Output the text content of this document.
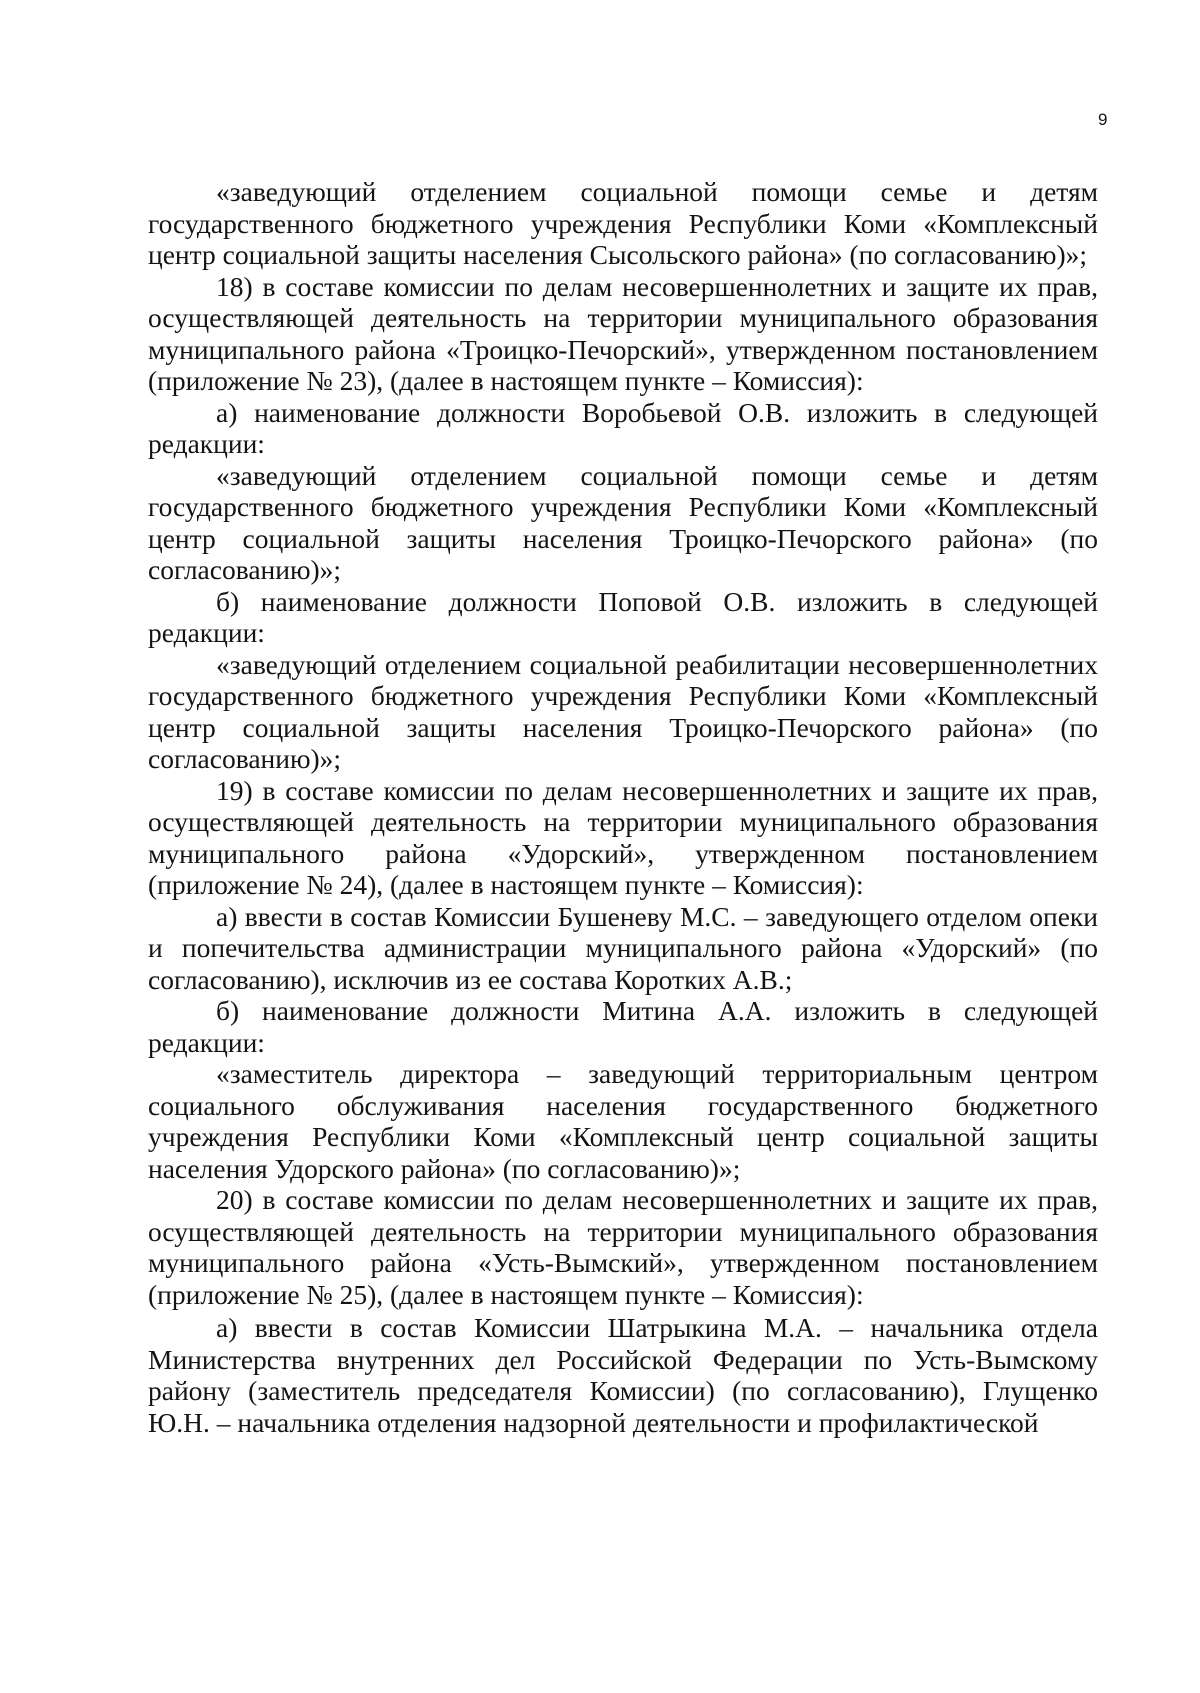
9

«заведующий отделением социальной помощи семье и детям государственного бюджетного учреждения Республики Коми «Комплексный центр социальной защиты населения Сысольского района» (по согласованию)»;

18) в составе комиссии по делам несовершеннолетних и защите их прав, осуществляющей деятельность на территории муниципального образования муниципального района «Троицко-Печорский», утвержденном постановлением (приложение № 23), (далее в настоящем пункте – Комиссия):

а) наименование должности Воробьевой О.В. изложить в следующей редакции:

«заведующий отделением социальной помощи семье и детям государственного бюджетного учреждения Республики Коми «Комплексный центр социальной защиты населения Троицко-Печорского района» (по согласованию)»;

б) наименование должности Поповой О.В. изложить в следующей редакции:

«заведующий отделением социальной реабилитации несовершеннолетних государственного бюджетного учреждения Республики Коми «Комплексный центр социальной защиты населения Троицко-Печорского района» (по согласованию)»;

19) в составе комиссии по делам несовершеннолетних и защите их прав, осуществляющей деятельность на территории муниципального образования муниципального района «Удорский», утвержденном постановлением (приложение № 24), (далее в настоящем пункте – Комиссия):

а) ввести в состав Комиссии Бушеневу М.С. – заведующего отделом опеки и попечительства администрации муниципального района «Удорский» (по согласованию), исключив из ее состава Коротких А.В.;

б) наименование должности Митина А.А. изложить в следующей редакции:

«заместитель директора – заведующий территориальным центром социального обслуживания населения государственного бюджетного учреждения Республики Коми «Комплексный центр социальной защиты населения Удорского района» (по согласованию)»;

20) в составе комиссии по делам несовершеннолетних и защите их прав, осуществляющей деятельность на территории муниципального образования муниципального района «Усть-Вымский», утвержденном постановлением (приложение № 25), (далее в настоящем пункте – Комиссия):

а) ввести в состав Комиссии Шатрыкина М.А. – начальника отдела Министерства внутренних дел Российской Федерации по Усть-Вымскому району (заместитель председателя Комиссии) (по согласованию), Глущенко Ю.Н. – начальника отделения надзорной деятельности и профилактической
